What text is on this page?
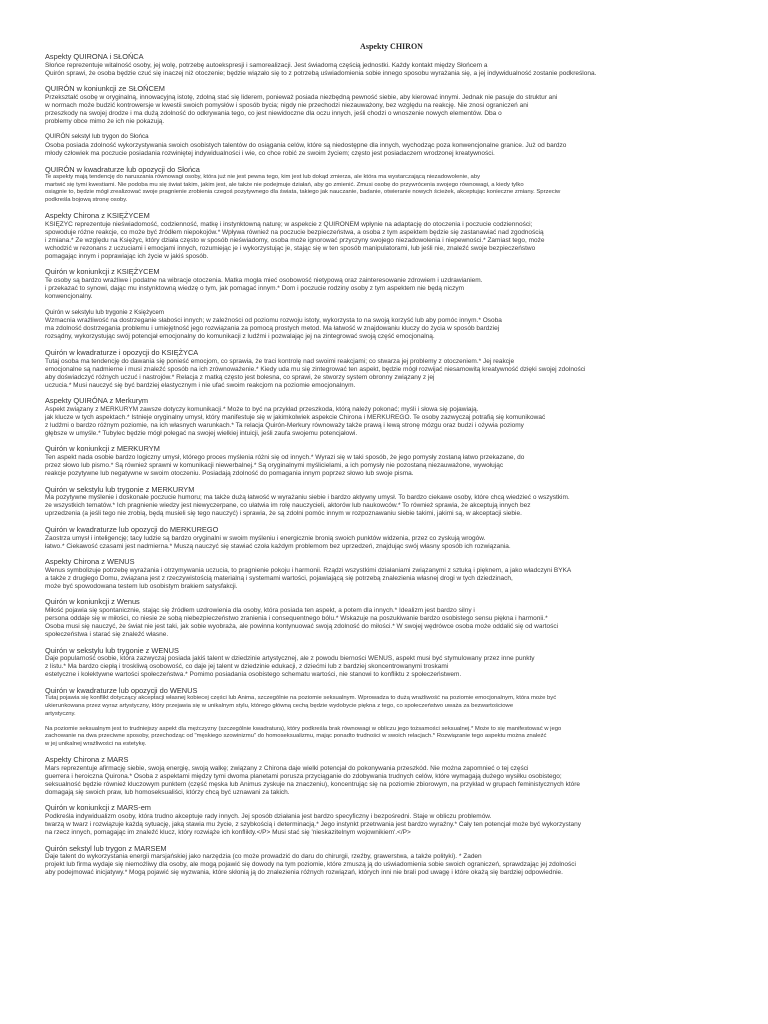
Aspekty CHIRON
Aspekty QUIRONA i SŁOŃCA
Słońce reprezentuje witalność osoby, jej wolę, potrzebę autoekspresji i samorealizacji. Jest świadomą częścią jednostki. Każdy kontakt między Słońcem a
Quirón sprawi, że osoba będzie czuć się inaczej niż otoczenie; będzie wiązało się to z potrzebą uświadomienia sobie innego sposobu wyrażania się, a jej indywidualność zostanie podkreślona.
QUIRÓN w koniunkcji ze SŁOŃCEM
Przekształć osobę w oryginalną, innowacyjną istotę, zdolną stać się liderem, ponieważ posiada niezbędną pewność siebie, aby kierować innymi. Jednak nie pasuje do struktur ani
w normach może budzić kontrowersje w kwestii swoich pomysłów i sposób bycia; nigdy nie przechodzi niezauważony, bez względu na reakcję. Nie znosi ograniczeń ani
przeszkody na swojej drodze i ma dużą zdolność do odkrywania tego, co jest niewidoczne dla oczu innych, jeśli chodzi o wnoszenie nowych elementów. Dba o
problemy obce mimo że ich nie pokazują.
QUIRÓN sekstyl lub trygon do Słońca
Osoba posiada zdolność wykorzystywania swoich osobistych talentów do osiągania celów, które są niedostępne dla innych, wychodząc poza konwencjonalne granice. Już od bardzo
młody człowiek ma poczucie posiadania rozwiniętej indywidualności i wie, co chce robić ze swoim życiem; często jest posiadaczem wrodzonej kreatywności.
QUIRÓN w kwadraturze lub opozycji do Słońca
Te aspekty mają tendencję do naruszania równowagi osoby, która już nie jest pewna tego, kim jest lub dokąd zmierza, ale która ma wystarczającą niezadowolenie, aby
martwić się tymi kwestiami. Nie podoba mu się świat takim, jakim jest, ale także nie podejmuje działań, aby go zmienić. Zmusi osobę do przywrócenia swojego równowagi, a kiedy tylko
osiągnie to, będzie mógł zrealizować swoje pragnienie zrobienia czegoś pozytywnego dla świata, takiego jak nauczanie, badanie, otwieranie nowych ścieżek, akceptując konieczne zmiany. Sprzeciw
podkreśla bojową stronę osoby.
Aspekty Chirona z KSIĘŻYCEM
KSIĘŻYC reprezentuje nieświadomość, codzienność, matkę i instynktowną naturę; w aspekcie z QUIRONEM wpłynie na adaptację do otoczenia i poczucie codzienności;
spowoduje różne reakcje, co może być źródłem niepokojów.* Wpływa również na poczucie bezpieczeństwa, a osoba z tym aspektem będzie się zastanawiać nad zgodnością
i zmiana.* Ze względu na Księżyc, który działa często w sposób nieświadomy, osoba może ignorować przyczyny swojego niezadowolenia i niepewności.* Zamiast tego, może
wchodzić w rezonans z uczuciami i emocjami innych, rozumiejąc je i wykorzystując je, stając się w ten sposób manipulatorami, lub jeśli nie, znaleźć swoje bezpieczeństwo
pomagając innym i poprawiając ich życie w jakiś sposób.
Quirón w koniunkcji z KSIĘŻYCEM
Te osoby są bardzo wrażliwe i podatne na wibracje otoczenia. Matka mogła mieć osobowość nietypową oraz zainteresowanie zdrowiem i uzdrawianiem.
i przekazać to synowi, dając mu instynktowną wiedzę o tym, jak pomagać innym.* Dom i poczucie rodziny osoby z tym aspektem nie będą niczym
konwencjonalny.
Quirón w sekstylu lub trygonie z Księżycem
Wzmacnia wrażliwość na dostrzeganie słabości innych; w zależności od poziomu rozwoju istoty, wykorzysta to na swoją korzyść lub aby pomóc innym.* Osoba
ma zdolność dostrzegania problemu i umiejętność jego rozwiązania za pomocą prostych metod. Ma łatwość w znajdowaniu kluczy do życia w sposób bardziej
rozsądny, wykorzystując swój potencjał emocjonalny do komunikacji z ludźmi i pozwalając jej na zintegrować swoją część emocjonalną.
Quirón w kwadraturze i opozycji do KSIĘŻYCA
Tutaj osoba ma tendencję do dawania się ponieść emocjom, co sprawia, że traci kontrolę nad swoimi reakcjami; co stwarza jej problemy z otoczeniem.* Jej reakcje
emocjonalne są nadmierne i musi znaleźć sposób na ich zrównoważenie.* Kiedy uda mu się zintegrować ten aspekt, będzie mógł rozwijać niesamowitą kreatywność dzięki swojej zdolności
aby doświadczyć różnych uczuć i nastrojów.* Relacja z matką często jest bolesna, co sprawi, że stworzy system obronny związany z jej
uczucia.* Musi nauczyć się być bardziej elastycznym i nie ufać swoim reakcjom na poziomie emocjonalnym.
Aspekty QUIRÓNA z Merkurym
Aspekt związany z MERKURYM zawsze dotyczy komunikacji.* Może to być na przykład przeszkoda, którą należy pokonać; myśli i słowa się pojawiają.
jak klucze w tych aspektach.* Istnieje oryginalny umysł, który manifestuje się w jakimkolwiek aspekcie Chirona i MERKUREGO. Te osoby zazwyczaj potrafią się komunikować
z ludźmi o bardzo różnym poziomie, na ich własnych warunkach.* Ta relacja Quirón-Merkury równoważy także prawą i lewą stronę mózgu oraz budzi i ożywia poziomy
głębsze w umyśle.* Tubylec będzie mógł polegać na swojej wielkiej intuicji, jeśli zaufa swojemu potencjałowi.
Quirón w koniunkcji z MERKURYM
Ten aspekt nada osobie bardzo logiczny umysł, którego proces myślenia różni się od innych.* Wyrazi się w taki sposób, że jego pomysły zostaną łatwo przekazane, do
przez słowo lub pismo.* Są również sprawni w komunikacji niewerbalnej.* Są oryginalnymi myślicielami, a ich pomysły nie pozostaną niezauważone, wywołując
reakcje pozytywne lub negatywne w swoim otoczeniu. Posiadają zdolność do pomagania innym poprzez słowo lub swoje pisma.
Quirón w sekstylu lub trygonie z MERKURYM
Ma pozytywne myślenie i doskonałe poczucie humoru; ma także dużą łatwość w wyrażaniu siebie i bardzo aktywny umysł. To bardzo ciekawe osoby, które chcą wiedzieć o wszystkim.
ze wszystkich tematów.* Ich pragnienie wiedzy jest niewyczerpane, co ułatwia im rolę nauczycieli, aktorów lub naukowców.* To również sprawia, że akceptują innych bez
uprzedzenia (a jeśli tego nie zrobią, będą musieli się tego nauczyć) i sprawia, że są zdolni pomóc innym w rozpoznawaniu siebie takimi, jakimi są, w akceptacji siebie.
Quirón w kwadraturze lub opozycji do MERKUREGO
Zaostrza umysł i inteligencję; tacy ludzie są bardzo oryginalni w swoim myśleniu i energicznie bronią swoich punktów widzenia, przez co zyskują wrogów.
łatwo.* Ciekawość czasami jest nadmierna.* Muszą nauczyć się stawiać czoła każdym problemom bez uprzedzeń, znajdując swój własny sposób ich rozwiązania.
Aspekty Chirona z WENUS
Wenus symbolizuje potrzebę wyrażania i otrzymywania uczucia, to pragnienie pokoju i harmonii. Rządzi wszystkimi działaniami związanymi z sztuką i pięknem, a jako władczyni BYKA
a także z drugiego Domu, związana jest z rzeczywistością materialną i systemami wartości, pojawiającą się potrzebą znalezienia własnej drogi w tych dziedzinach,
może być spowodowana testem lub osobistym brakiem satysfakcji.
Quirón w koniunkcji z Wenus
Miłość pojawia się spontanicznie, stając się źródłem uzdrowienia dla osoby, która posiada ten aspekt, a potem dla innych.* Idealizm jest bardzo silny i
persona oddaje się w miłości, co niesie ze sobą niebezpieczeństwo zranienia i consequentnego bólu.* Wskazuje na poszukiwanie bardzo osobistego sensu piękna i harmonii.*
Osoba musi się nauczyć, że świat nie jest taki, jak sobie wyobraża, ale powinna kontynuować swoją zdolność do miłości.* W swojej wędrówce osoba może oddalić się od wartości
społeczeństwa i starać się znaleźć własne.
Quirón w sekstylu lub trygonie z WENUS
Daje popularność osobie, która zazwyczaj posiada jakiś talent w dziedzinie artystycznej, ale z powodu bierności WENUS, aspekt musi być stymulowany przez inne punkty
z listu.* Ma bardzo ciepłą i troskliwą osobowość, co daje jej talent w dziedzinie edukacji, z dziećmi lub z bardziej skoncentrowanymi troskami
estetyczne i kolektywne wartości społeczeństwa.* Pomimo posiadania osobistego schematu wartości, nie stanowi to konfliktu z społeczeństwem.
Quirón w kwadraturze lub opozycji do WENUS
Tutaj pojawia się konflikt dotyczący akceptacji własnej kobiecej części lub Anima, szczególnie na poziomie seksualnym. Wprowadza to dużą wrażliwość na poziomie emocjonalnym, która może być
ukierunkowana przez wyraz artystyczny, który przejawia się w unikalnym stylu, którego główną cechą będzie wydobycie piękna z tego, co społeczeństwo uważa za bezwartościowe
artystyczny.

Na poziomie seksualnym jest to trudniejszy aspekt dla mężczyzny (szczególnie kwadratura), który podkreśla brak równowagi w obliczu jego tożsamości seksualnej.* Może to się manifestować w jego
zachowanie na dwa przeciwne sposoby, przechodząc od "męskiego szowinizmu" do homoseksualizmu, mając ponadto trudności w swoich relacjach.* Rozwiązanie tego aspektu można znaleźć
w jej unikalnej wrażliwości na estetykę.
Aspekty Chirona z MARS
Mars reprezentuje afirmację siebie, swoją energię, swoją walkę; związany z Chirona daje wielki potencjał do pokonywania przeszkód. Nie można zapomnieć o tej części
guerrera i heroiczna Quirona.* Osoba z aspektami między tymi dwoma planetami porusza przyciąganie do zdobywania trudnych celów, które wymagają dużego wysiłku osobistego;
seksualność będzie również kluczowym punktem (część męska lub Animus zyskuje na znaczeniu), koncentrując się na poziomie zbiorowym, na przykład w grupach feministycznych które
domagają się swoich praw, lub homoseksualiści, którzy chcą być uznawani za takich.
Quirón w koniunkcji z MARS-em
Podkreśla indywidualizm osoby, która trudno akceptuje rady innych. Jej sposób działania jest bardzo specyficzny i bezpośredni. Staje w obliczu problemów.
twarzą w twarz i rozwiązuje każdą sytuację, jaką stawia mu życie, z szybkością i determinacją.* Jego instynkt przetrwania jest bardzo wyraźny.* Cały ten potencjał może być wykorzystany
na rzecz innych, pomagając im znaleźć klucz, który rozwiąże ich konflikty.</P> Musi stać się 'nieskazitelnym wojownikiem'.</P>
Quirón sekstyl lub trygon z MARSEM
Daje talent do wykorzystania energii marsjańskiej jako narzędzia (co może prowadzić do daru do chirurgii, rzeźby, grawerstwa, a także polityki). * Żaden
projekt lub firma wydaje się niemożliwy dla osoby, ale mogą pojawić się dowody na tym poziomie, które zmuszą ją do uświadomienia sobie swoich ograniczeń, sprawdzając jej zdolności
aby podejmować inicjatywy.* Mogą pojawić się wyzwania, które skłonią ją do znalezienia różnych rozwiązań, których inni nie brali pod uwagę i które okażą się bardziej odpowiednie.
